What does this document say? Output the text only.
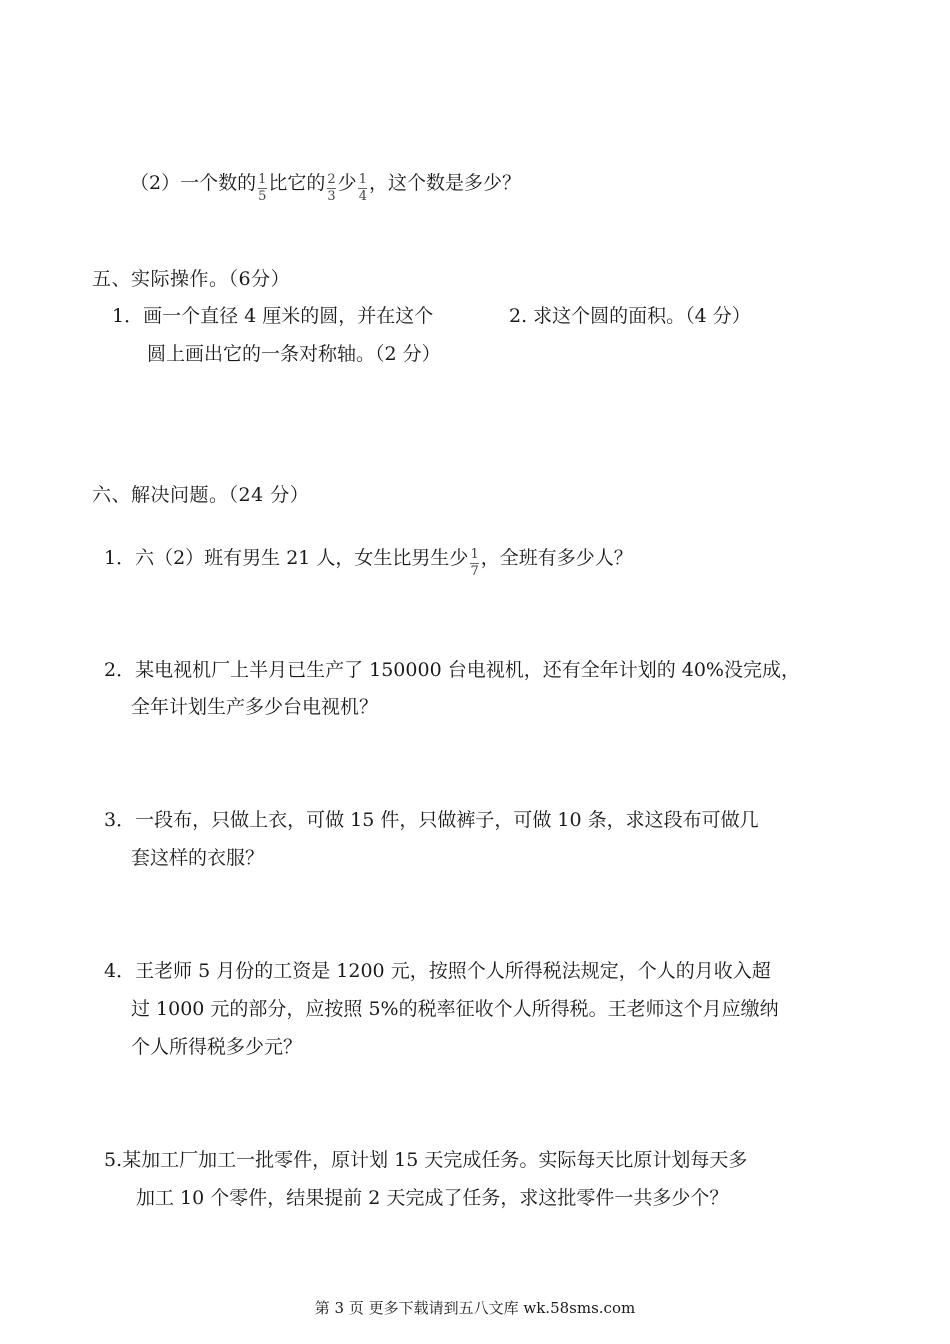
（2）一个数的 $\frac{1}{5}$ 比它的 $\frac{2}{3}$ 少 $\frac{1}{4}$ ，这个数是多少？
五、实际操作。（6分）
1．画一个直径 4 厘米的圆，并在这个	2. 求这个圆的面积。（4 分）
圆上画出它的一条对称轴。（2 分）
六、解决问题。（24 分）
1．六（2）班有男生 21 人，女生比男生少 $\frac{1}{7}$ ，全班有多少人？
2．某电视机厂上半月已生产了 150000 台电视机，还有全年计划的 40%没完成，
全年计划生产多少台电视机？
3．一段布，只做上衣，可做 15 件，只做裤子，可做 10 条，求这段布可做几
套这样的衣服？
4．王老师 5 月份的工资是 1200 元，按照个人所得税法规定，个人的月收入超
过 1000 元的部分，应按照 5%的税率征收个人所得税。王老师这个月应缴纳
个人所得税多少元？
5.某加工厂加工一批零件，原计划 15 天完成任务。实际每天比原计划每天多
加工 10 个零件，结果提前 2 天完成了任务，求这批零件一共多少个？
第 3 页 更多下载请到五八文库 wk.58sms.com
